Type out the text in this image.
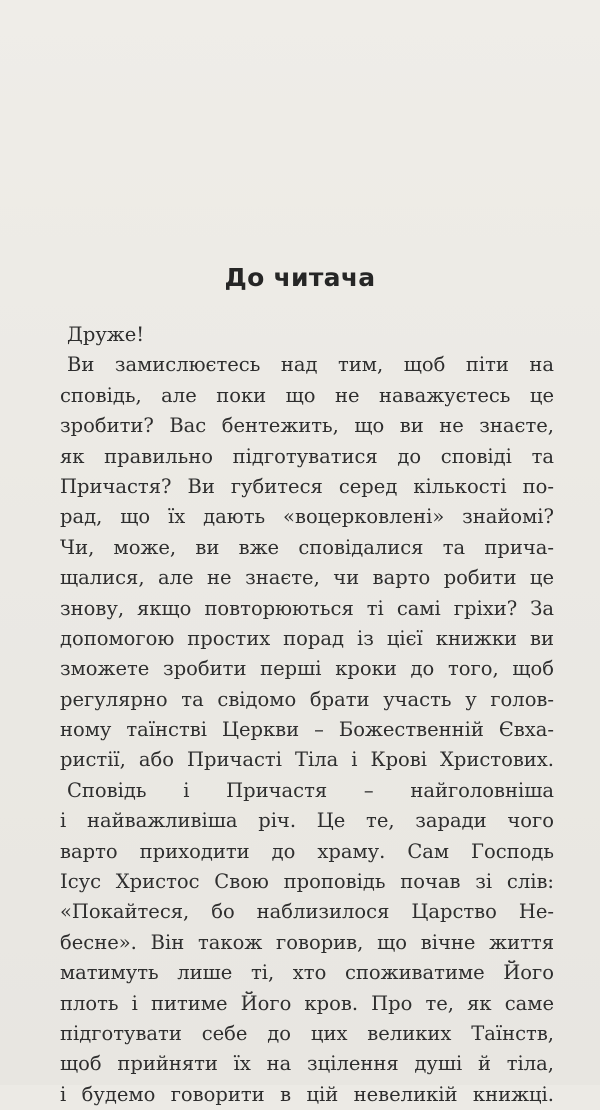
До читача
Друже!
Ви замислюєтесь над тим, щоб піти на
сповідь, але поки що не наважуєтесь це
зробити? Вас бентежить, що ви не знаєте,
як правильно підготуватися до сповіді та
Причастя? Ви губитеся серед кількості по-
рад, що їх дають «воцерковлені» знайомі?
Чи, може, ви вже сповідалися та прича-
щалися, але не знаєте, чи варто робити це
знову, якщо повторюються ті самі гріхи? За
допомогою простих порад із цієї книжки ви
зможете зробити перші кроки до того, щоб
регулярно та свідомо брати участь у голов-
ному таїнстві Церкви – Божественній Євха-
ристії, або Причасті Тіла і Крові Христових.
Сповідь і Причастя – найголовніша
і найважливіша річ. Це те, заради чого
варто приходити до храму. Сам Господь
Ісус Христос Свою проповідь почав зі слів:
«Покайтеся, бо наблизилося Царство Не-
бесне». Він також говорив, що вічне життя
матимуть лише ті, хто споживатиме Його
плоть і питиме Його кров. Про те, як саме
підготувати себе до цих великих Таїнств,
щоб прийняти їх на зцілення душі й тіла,
і будемо говорити в цій невеликій книжці.
